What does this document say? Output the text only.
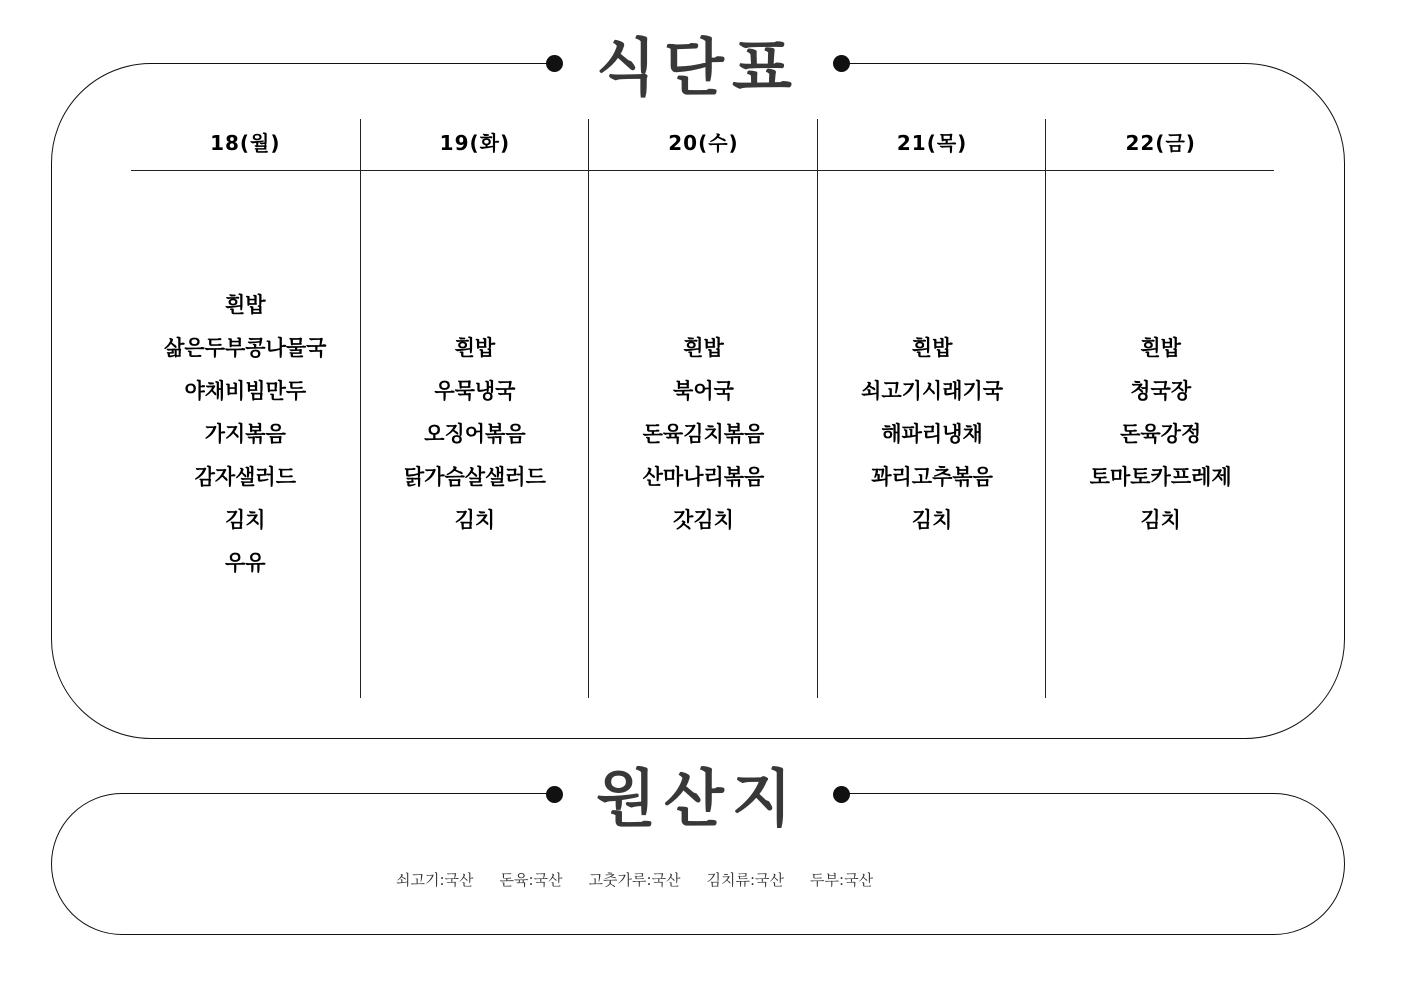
식단표
18(월)
흰밥
삶은두부콩나물국
야채비빔만두
가지볶음
감자샐러드
김치
우유
19(화)
흰밥
우묵냉국
오징어볶음
닭가슴살샐러드
김치
20(수)
흰밥
북어국
돈육김치볶음
산마나리볶음
갓김치
21(목)
흰밥
쇠고기시래기국
해파리냉채
꽈리고추볶음
김치
22(금)
흰밥
청국장
돈육강정
토마토카프레제
김치
원산지
쇠고기:국산 돈육:국산 고춧가루:국산 김치류:국산 두부:국산
